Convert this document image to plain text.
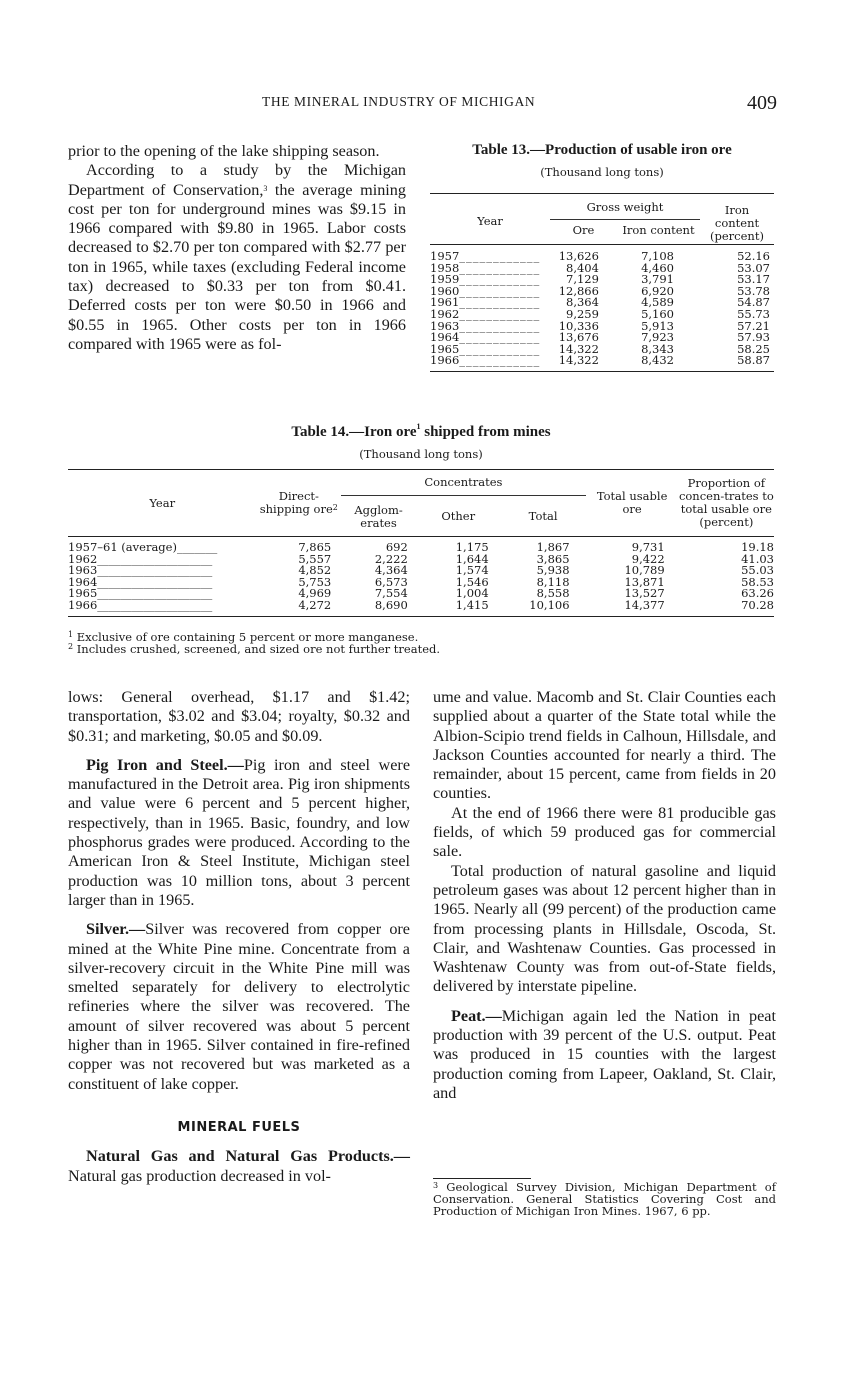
THE MINERAL INDUSTRY OF MICHIGAN	409

prior to the opening of the lake shipping season.

According to a study by the Michigan Department of Conservation,$^3$ the average mining cost per ton for underground mines was $9.15 in 1966 compared with $9.80 in 1965. Labor costs decreased to $2.70 per ton compared with $2.77 per ton in 1965, while taxes (excluding Federal income tax) decreased to $0.33 per ton from $0.41. Deferred costs per ton were $0.50 in 1966 and $0.55 in 1965. Other costs per ton in 1966 compared with 1965 were as fol-

Table 13.—Production of usable iron ore
(Thousand long tons)
Year	Gross weight		Iron content (percent)
	Ore	Iron content	
1957____________	13,626	7,108	52.16
1958____________	8,404	4,460	53.07
1959____________	7,129	3,791	53.17
1960____________	12,866	6,920	53.78
1961____________	8,364	4,589	54.87
1962____________	9,259	5,160	55.73
1963____________	10,336	5,913	57.21
1964____________	13,676	7,923	57.93
1965____________	14,322	8,343	58.25
1966____________	14,322	8,432	58.87
Table 14.—Iron ore$^1$ shipped from mines
(Thousand long tons)
Year	Direct-shipping ore$^2$	Concentrates			Total usable ore	Proportion of concen-trates to total usable ore (percent)
		Agglom-erates	Other	Total		
1957–61 (average)_______	7,865	692	1,175	1,867	9,731	19.18
1962____________________	5,557	2,222	1,644	3,865	9,422	41.03
1963____________________	4,852	4,364	1,574	5,938	10,789	55.03
1964____________________	5,753	6,573	1,546	8,118	13,871	58.53
1965____________________	4,969	7,554	1,004	8,558	13,527	63.26
1966____________________	4,272	8,690	1,415	10,106	14,377	70.28
$^1$ Exclusive of ore containing 5 percent or more manganese.
$^2$ Includes crushed, screened, and sized ore not further treated.

lows: General overhead, $1.17 and $1.42; transportation, $3.02 and $3.04; royalty, $0.32 and $0.31; and marketing, $0.05 and $0.09.

Pig Iron and Steel.—Pig iron and steel were manufactured in the Detroit area. Pig iron shipments and value were 6 percent and 5 percent higher, respectively, than in 1965. Basic, foundry, and low phosphorus grades were produced. According to the American Iron & Steel Institute, Michigan steel production was 10 million tons, about 3 percent larger than in 1965.

Silver.—Silver was recovered from copper ore mined at the White Pine mine. Concentrate from a silver-recovery circuit in the White Pine mill was smelted separately for delivery to electrolytic refineries where the silver was recovered. The amount of silver recovered was about 5 percent higher than in 1965. Silver contained in fire-refined copper was not recovered but was marketed as a constituent of lake copper.

MINERAL FUELS

Natural Gas and Natural Gas Products.— Natural gas production decreased in vol-

ume and value. Macomb and St. Clair Counties each supplied about a quarter of the State total while the Albion-Scipio trend fields in Calhoun, Hillsdale, and Jackson Counties accounted for nearly a third. The remainder, about 15 percent, came from fields in 20 counties.

At the end of 1966 there were 81 producible gas fields, of which 59 produced gas for commercial sale.

Total production of natural gasoline and liquid petroleum gases was about 12 percent higher than in 1965. Nearly all (99 percent) of the production came from processing plants in Hillsdale, Oscoda, St. Clair, and Washtenaw Counties. Gas processed in Washtenaw County was from out-of-State fields, delivered by interstate pipeline.

Peat.—Michigan again led the Nation in peat production with 39 percent of the U.S. output. Peat was produced in 15 counties with the largest production coming from Lapeer, Oakland, St. Clair, and

$^3$ Geological Survey Division, Michigan Department of Conservation. General Statistics Covering Cost and Production of Michigan Iron Mines. 1967, 6 pp.
